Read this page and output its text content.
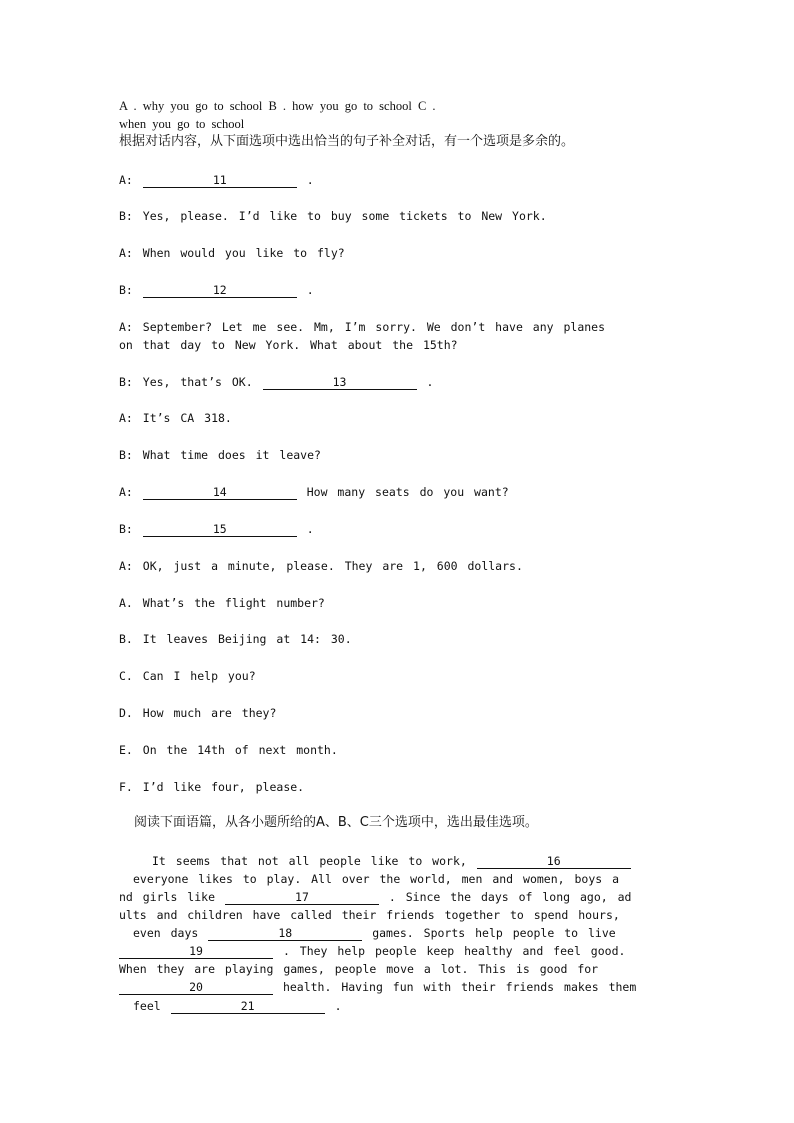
A . why you go to school B . how you go to school C .
when you go to school
根据对话内容，从下面选项中选出恰当的句子补全对话，有一个选项是多余的。
A:	11	.
B: Yes, please. I’d like to buy some tickets to New York.
A: When would you like to fly?
B:	12	.
A: September? Let me see. Mm, I’m sorry. We don’t have any planes
on that day to New York. What about the 15th?
B: Yes, that’s OK.	13	.
A: It’s CA 318.
B: What time does it leave?
A:	14	How many seats do you want?
B:	15	.
A: OK, just a minute, please. They are 1, 600 dollars.
A. What’s the flight number?
B. It leaves Beijing at 14: 30.
C. Can I help you?
D. How much are they?
E. On the 14th of next month.
F. I’d like four, please.
阅读下面语篇，从各小题所给的A、B、C三个选项中，选出最佳选项。
It seems that not all people like to work,	16
everyone likes to play. All over the world, men and women, boys a
nd girls like	17	. Since the days of long ago, ad
ults and children have called their friends together to spend hours,
even days	18	games. Sports help people to live
19	. They help people keep healthy and feel good.
When they are playing games, people move a lot. This is good for
20	health. Having fun with their friends makes them
feel	21	.
